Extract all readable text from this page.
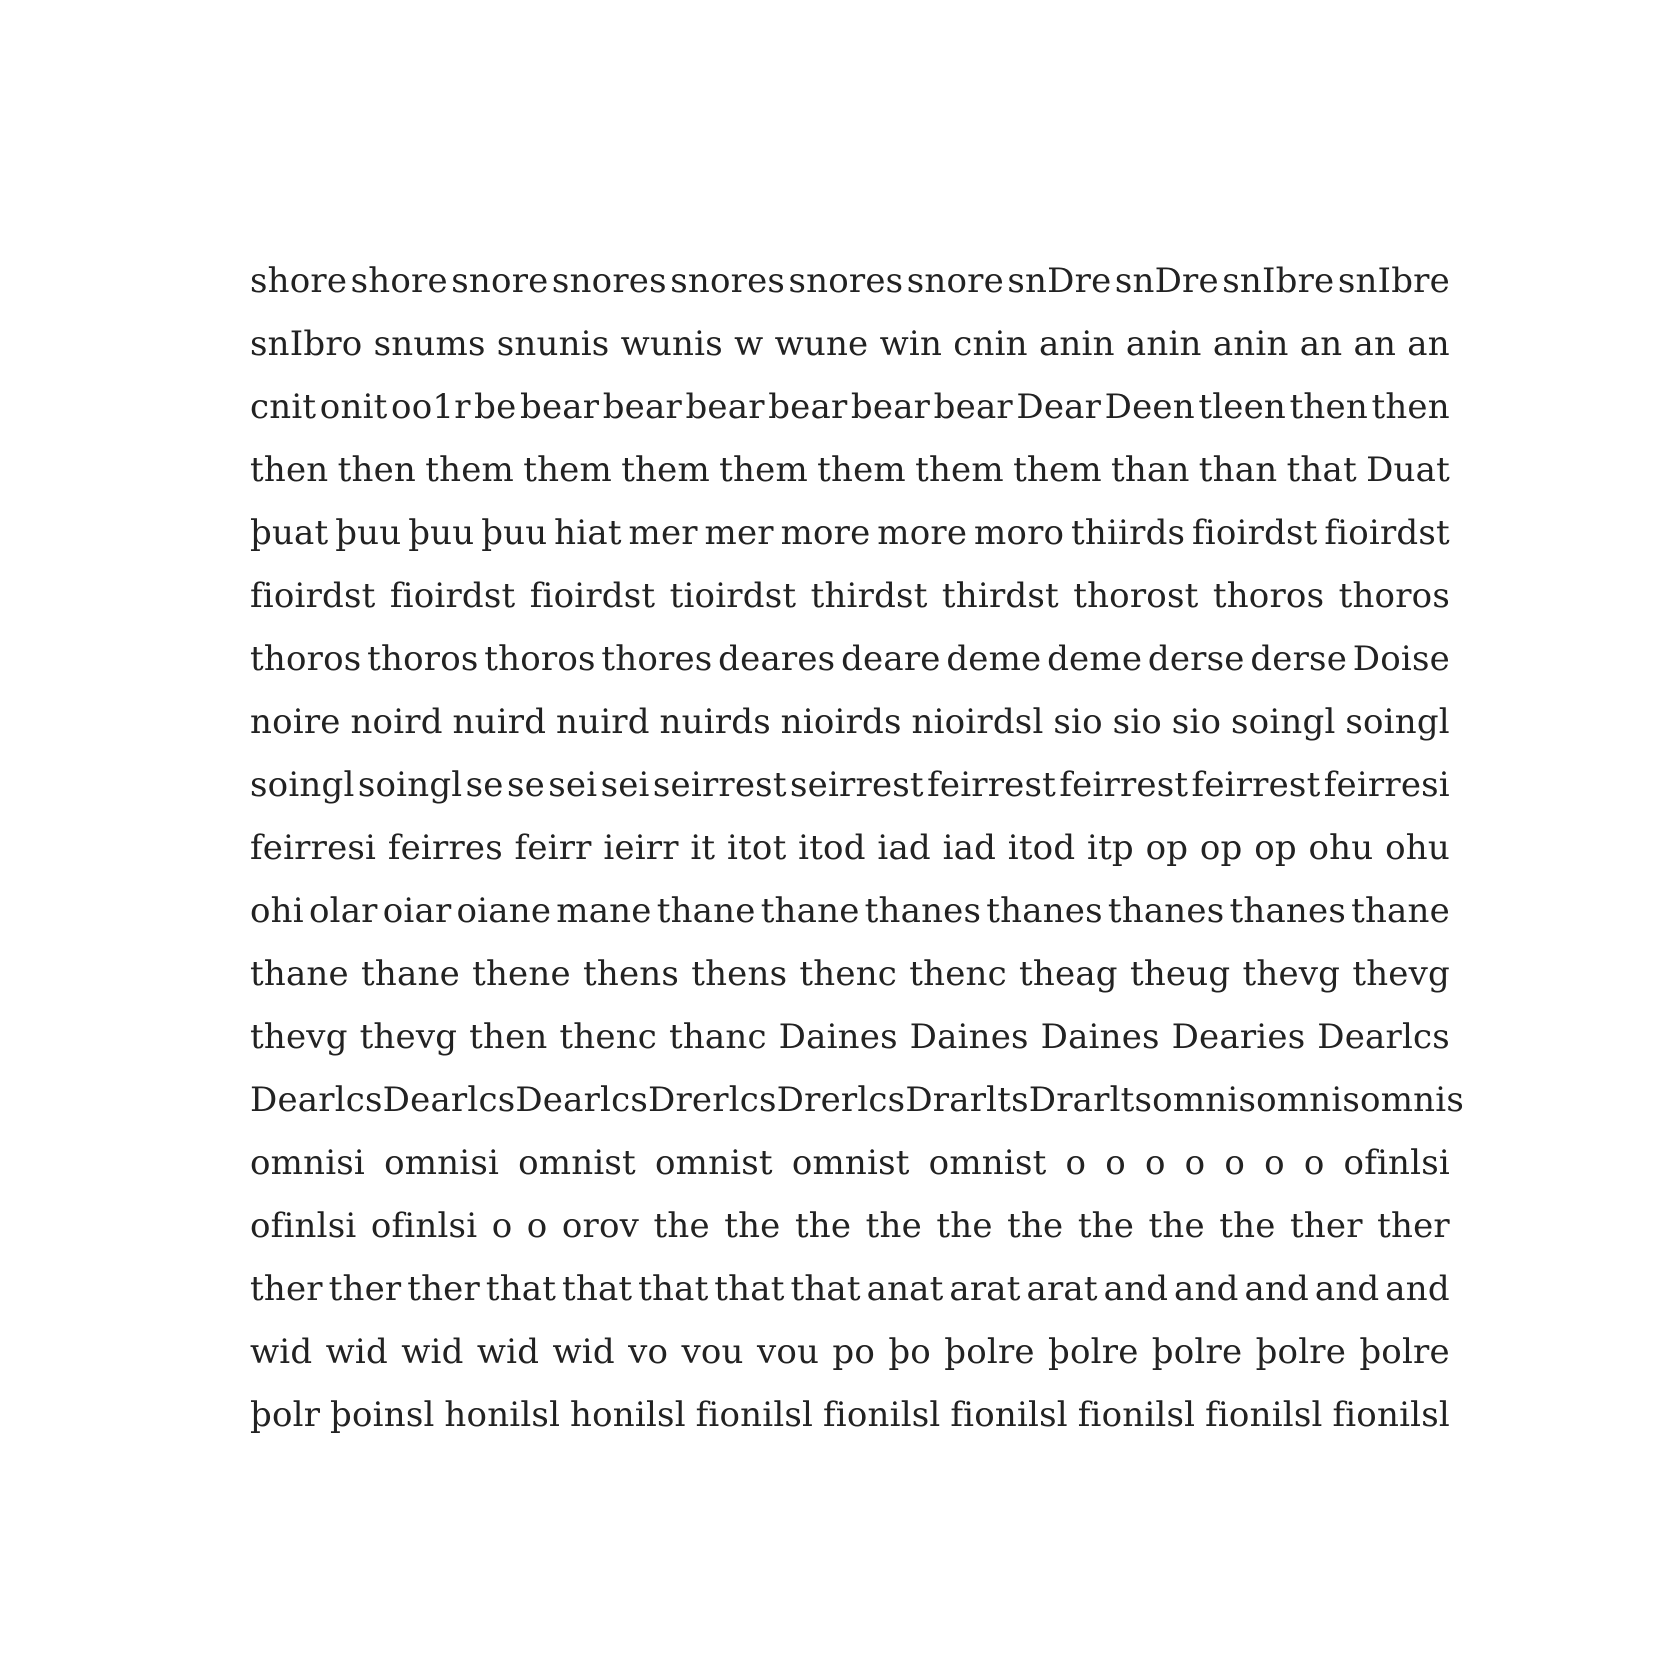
shore shore snore snores snores snores snore snDre snDre snIbre snIbre
snIbro snums snunis wunis w wune win cnin anin anin anin an an an
cnit onit oo1r be bear bear bear bear bear bear Dear Deen tleen then then
then then them them them them them them them than than that Duat
þuat þuu þuu þuu hiat mer mer more more moro thiirds fioirdst fioirdst
fioirdst fioirdst fioirdst tioirdst thirdst thirdst thorost thoros thoros
thoros thoros thoros thores deares deare deme deme derse derse Doise
noire noird nuird nuird nuirds nioirds nioirdsl sio sio sio soingl soingl
soingl soingl se se sei sei seirrest seirrest feirrest feirrest feirrest feirresi
feirresi feirres feirr ieirr it itot itod iad iad itod itp op op op ohu ohu
ohi olar oiar oiane mane thane thane thanes thanes thanes thanes thane
thane thane thene thens thens thenc thenc theag theug thevg thevg
thevg thevg then thenc thanc Daines Daines Daines Dearies Dearlcs
Dearlcs Dearlcs Dearlcs Drerlcs Drerlcs Drarlts Drarlts omnis omnis omnis
omnisi omnisi omnist omnist omnist omnist o o o o o o o ofinlsi
ofinlsi ofinlsi o o orov the the the the the the the the the ther ther
ther ther ther that that that that that anat arat arat and and and and and
wid wid wid wid wid vo vou vou po þo þolre þolre þolre þolre þolre
þolr þoinsl honilsl honilsl fionilsl fionilsl fionilsl fionilsl fionilsl fionilsl
